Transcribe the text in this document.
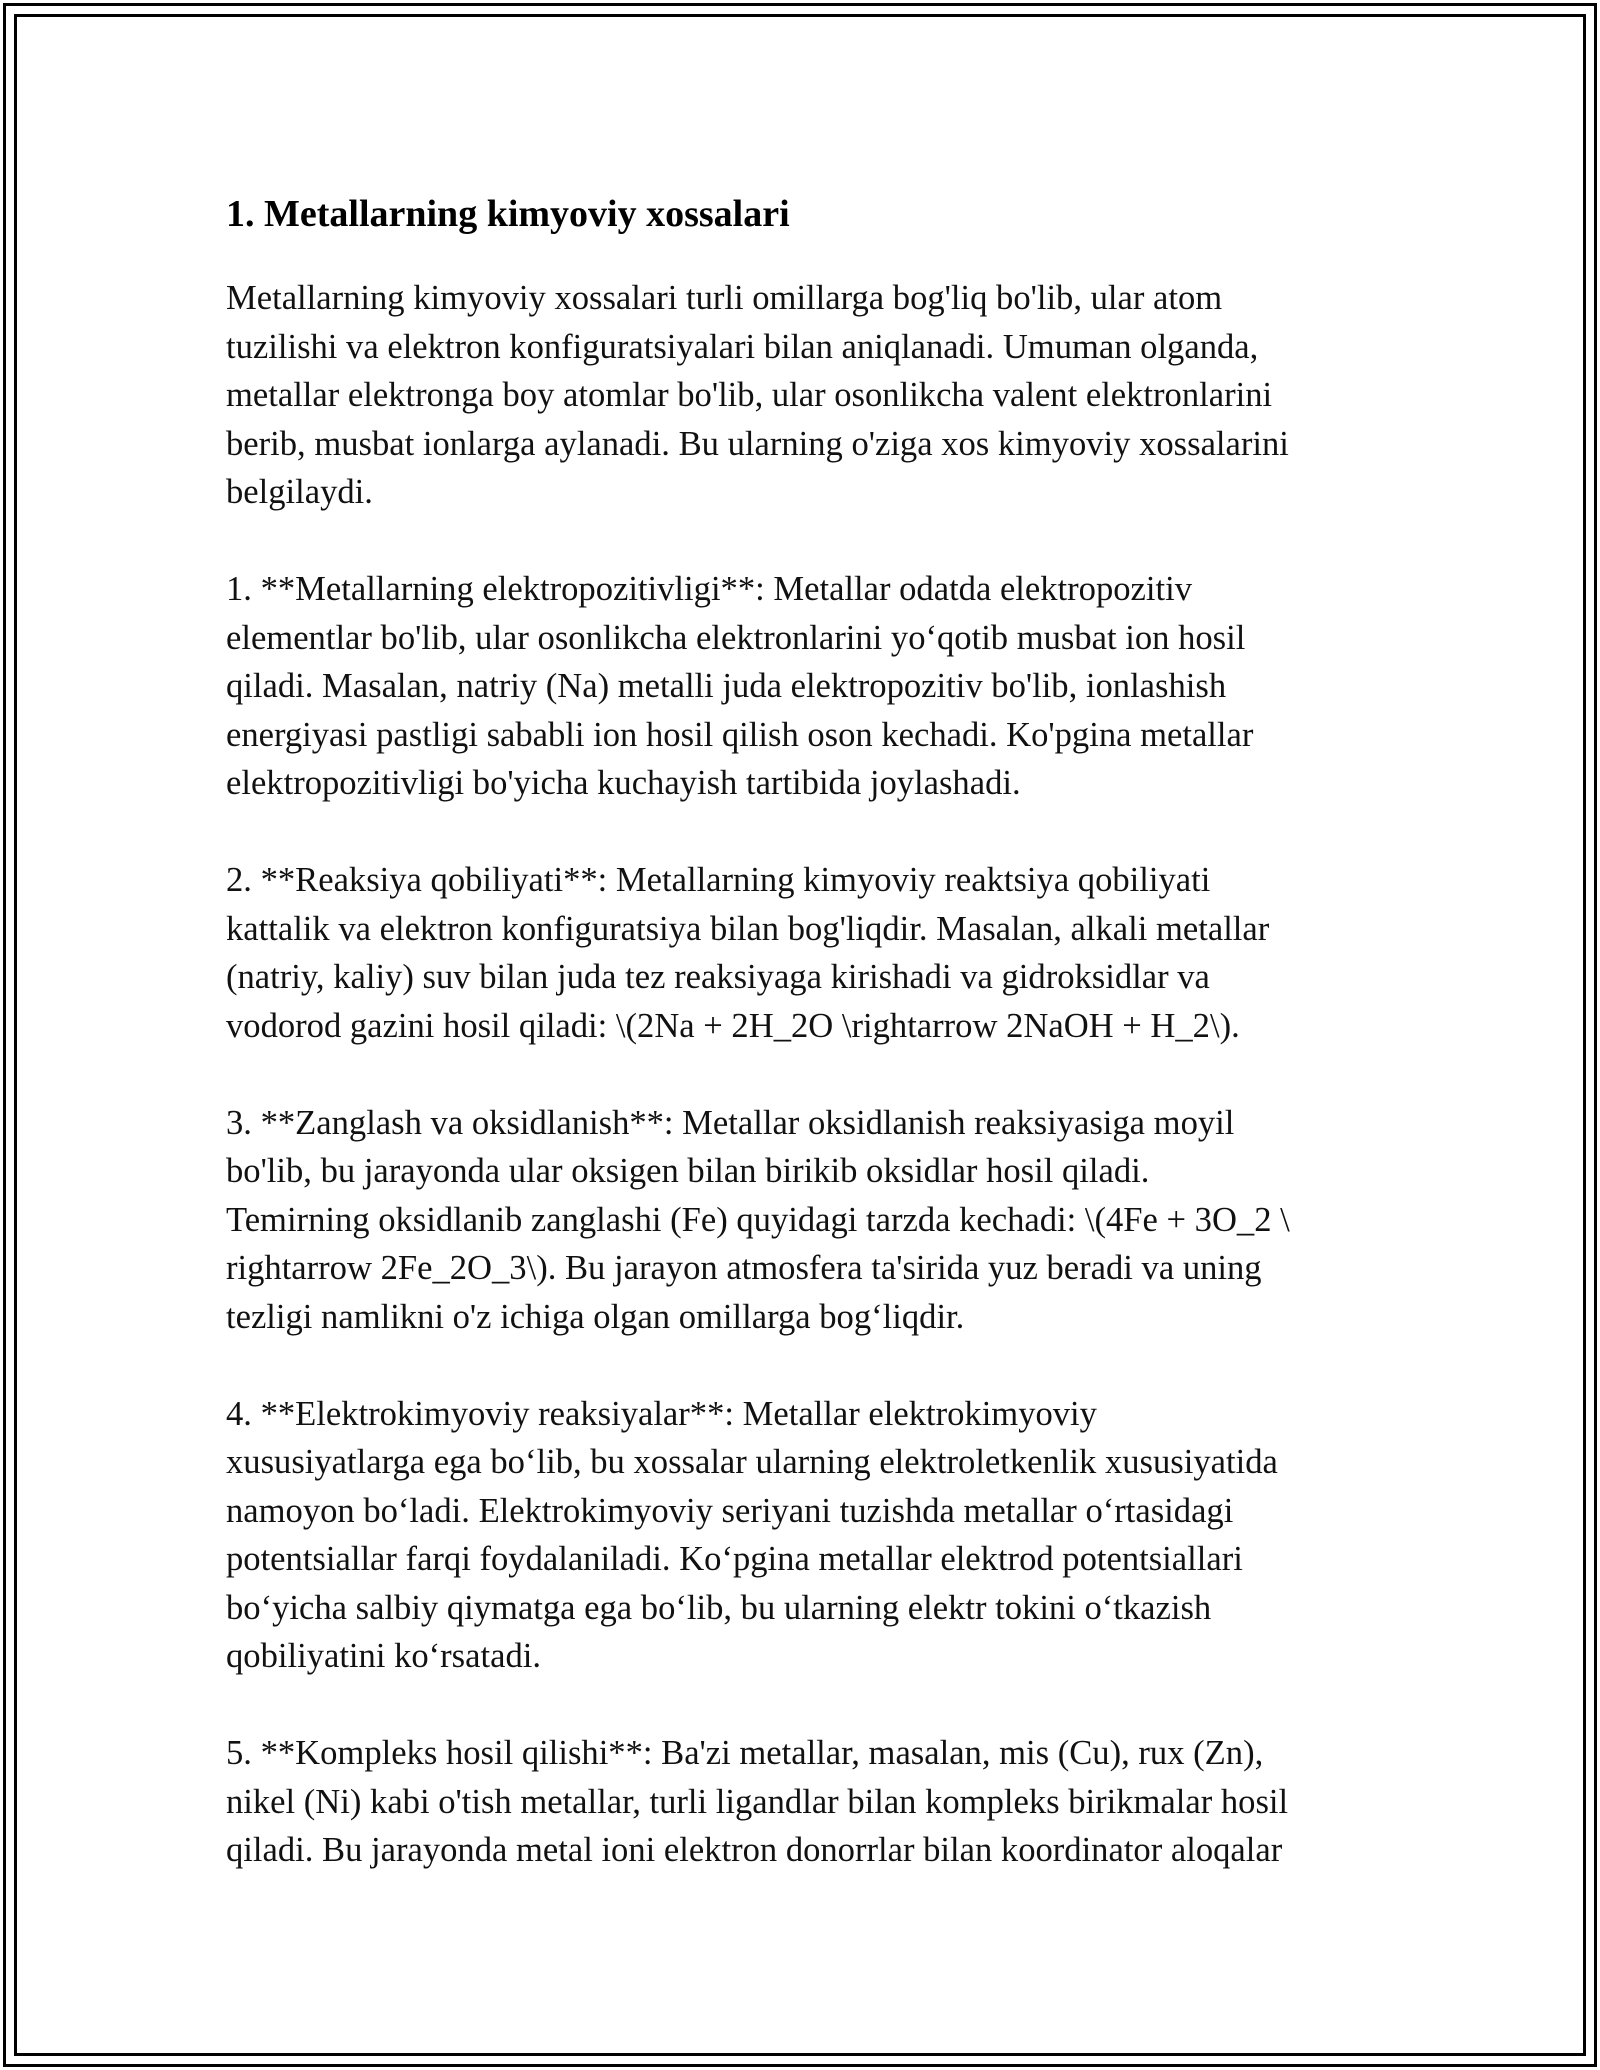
1. Metallarning kimyoviy xossalari

Metallarning kimyoviy xossalari turli omillarga bog'liq bo'lib, ular atom
tuzilishi va elektron konfiguratsiyalari bilan aniqlanadi. Umuman olganda,
metallar elektronga boy atomlar bo'lib, ular osonlikcha valent elektronlarini
berib, musbat ionlarga aylanadi. Bu ularning o'ziga xos kimyoviy xossalarini
belgilaydi.

1. **Metallarning elektropozitivligi**: Metallar odatda elektropozitiv
elementlar bo'lib, ular osonlikcha elektronlarini yo‘qotib musbat ion hosil
qiladi. Masalan, natriy (Na) metalli juda elektropozitiv bo'lib, ionlashish
energiyasi pastligi sababli ion hosil qilish oson kechadi. Ko'pgina metallar
elektropozitivligi bo'yicha kuchayish tartibida joylashadi.

2. **Reaksiya qobiliyati**: Metallarning kimyoviy reaktsiya qobiliyati
kattalik va elektron konfiguratsiya bilan bog'liqdir. Masalan, alkali metallar
(natriy, kaliy) suv bilan juda tez reaksiyaga kirishadi va gidroksidlar va
vodorod gazini hosil qiladi: \(2Na + 2H_2O \rightarrow 2NaOH + H_2\).

3. **Zanglash va oksidlanish**: Metallar oksidlanish reaksiyasiga moyil
bo'lib, bu jarayonda ular oksigen bilan birikib oksidlar hosil qiladi.
Temirning oksidlanib zanglashi (Fe) quyidagi tarzda kechadi: \(4Fe + 3O_2 \
rightarrow 2Fe_2O_3\). Bu jarayon atmosfera ta'sirida yuz beradi va uning
tezligi namlikni o'z ichiga olgan omillarga bog‘liqdir.

4. **Elektrokimyoviy reaksiyalar**: Metallar elektrokimyoviy
xususiyatlarga ega bo‘lib, bu xossalar ularning elektroletkenlik xususiyatida
namoyon bo‘ladi. Elektrokimyoviy seriyani tuzishda metallar o‘rtasidagi
potentsiallar farqi foydalaniladi. Ko‘pgina metallar elektrod potentsiallari
bo‘yicha salbiy qiymatga ega bo‘lib, bu ularning elektr tokini o‘tkazish
qobiliyatini ko‘rsatadi.

5. **Kompleks hosil qilishi**: Ba'zi metallar, masalan, mis (Cu), rux (Zn),
nikel (Ni) kabi o'tish metallar, turli ligandlar bilan kompleks birikmalar hosil
qiladi. Bu jarayonda metal ioni elektron donorrlar bilan koordinator aloqalar
